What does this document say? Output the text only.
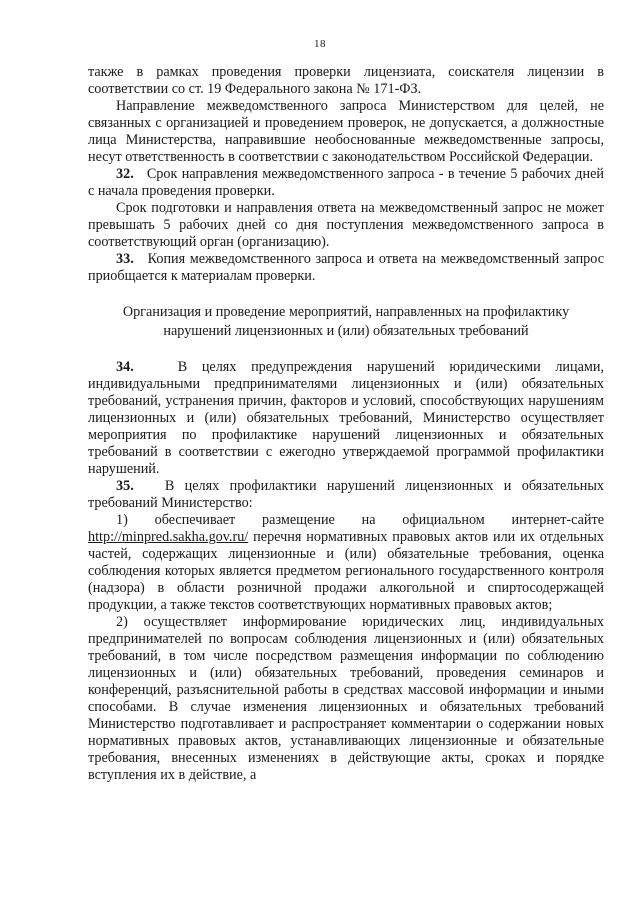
18

также в рамках проведения проверки лицензиата, соискателя лицензии в соответствии со ст. 19 Федерального закона № 171-ФЗ.

Направление межведомственного запроса Министерством для целей, не связанных с организацией и проведением проверок, не допускается, а должностные лица Министерства, направившие необоснованные межведомственные запросы, несут ответственность в соответствии с законодательством Российской Федерации.

32. Срок направления межведомственного запроса - в течение 5 рабочих дней с начала проведения проверки.

Срок подготовки и направления ответа на межведомственный запрос не может превышать 5 рабочих дней со дня поступления межведомственного запроса в соответствующий орган (организацию).

33. Копия межведомственного запроса и ответа на межведомственный запрос приобщается к материалам проверки.

Организация и проведение мероприятий, направленных на профилактику нарушений лицензионных и (или) обязательных требований

34.	В целях предупреждения нарушений юридическими лицами, индивидуальными предпринимателями лицензионных и (или) обязательных требований, устранения причин, факторов и условий, способствующих нарушениям лицензионных и (или) обязательных требований, Министерство осуществляет мероприятия по профилактике нарушений лицензионных и обязательных требований в соответствии с ежегодно утверждаемой программой профилактики нарушений.

35. В целях профилактики нарушений лицензионных и обязательных требований Министерство:

1) обеспечивает размещение на официальном интернет-сайте http://minpred.sakha.gov.ru/ перечня нормативных правовых актов или их отдельных частей, содержащих лицензионные и (или) обязательные требования, оценка соблюдения которых является предметом регионального государственного контроля (надзора) в области розничной продажи алкогольной и спиртосодержащей продукции, а также текстов соответствующих нормативных правовых актов;

2) осуществляет информирование юридических лиц, индивидуальных предпринимателей по вопросам соблюдения лицензионных и (или) обязательных требований, в том числе посредством размещения информации по соблюдению лицензионных и (или) обязательных требований, проведения семинаров и конференций, разъяснительной работы в средствах массовой информации и иными способами. В случае изменения лицензионных и обязательных требований Министерство подготавливает и распространяет комментарии о содержании новых нормативных правовых актов, устанавливающих лицензионные и обязательные требования, внесенных изменениях в действующие акты, сроках и порядке вступления их в действие, а
